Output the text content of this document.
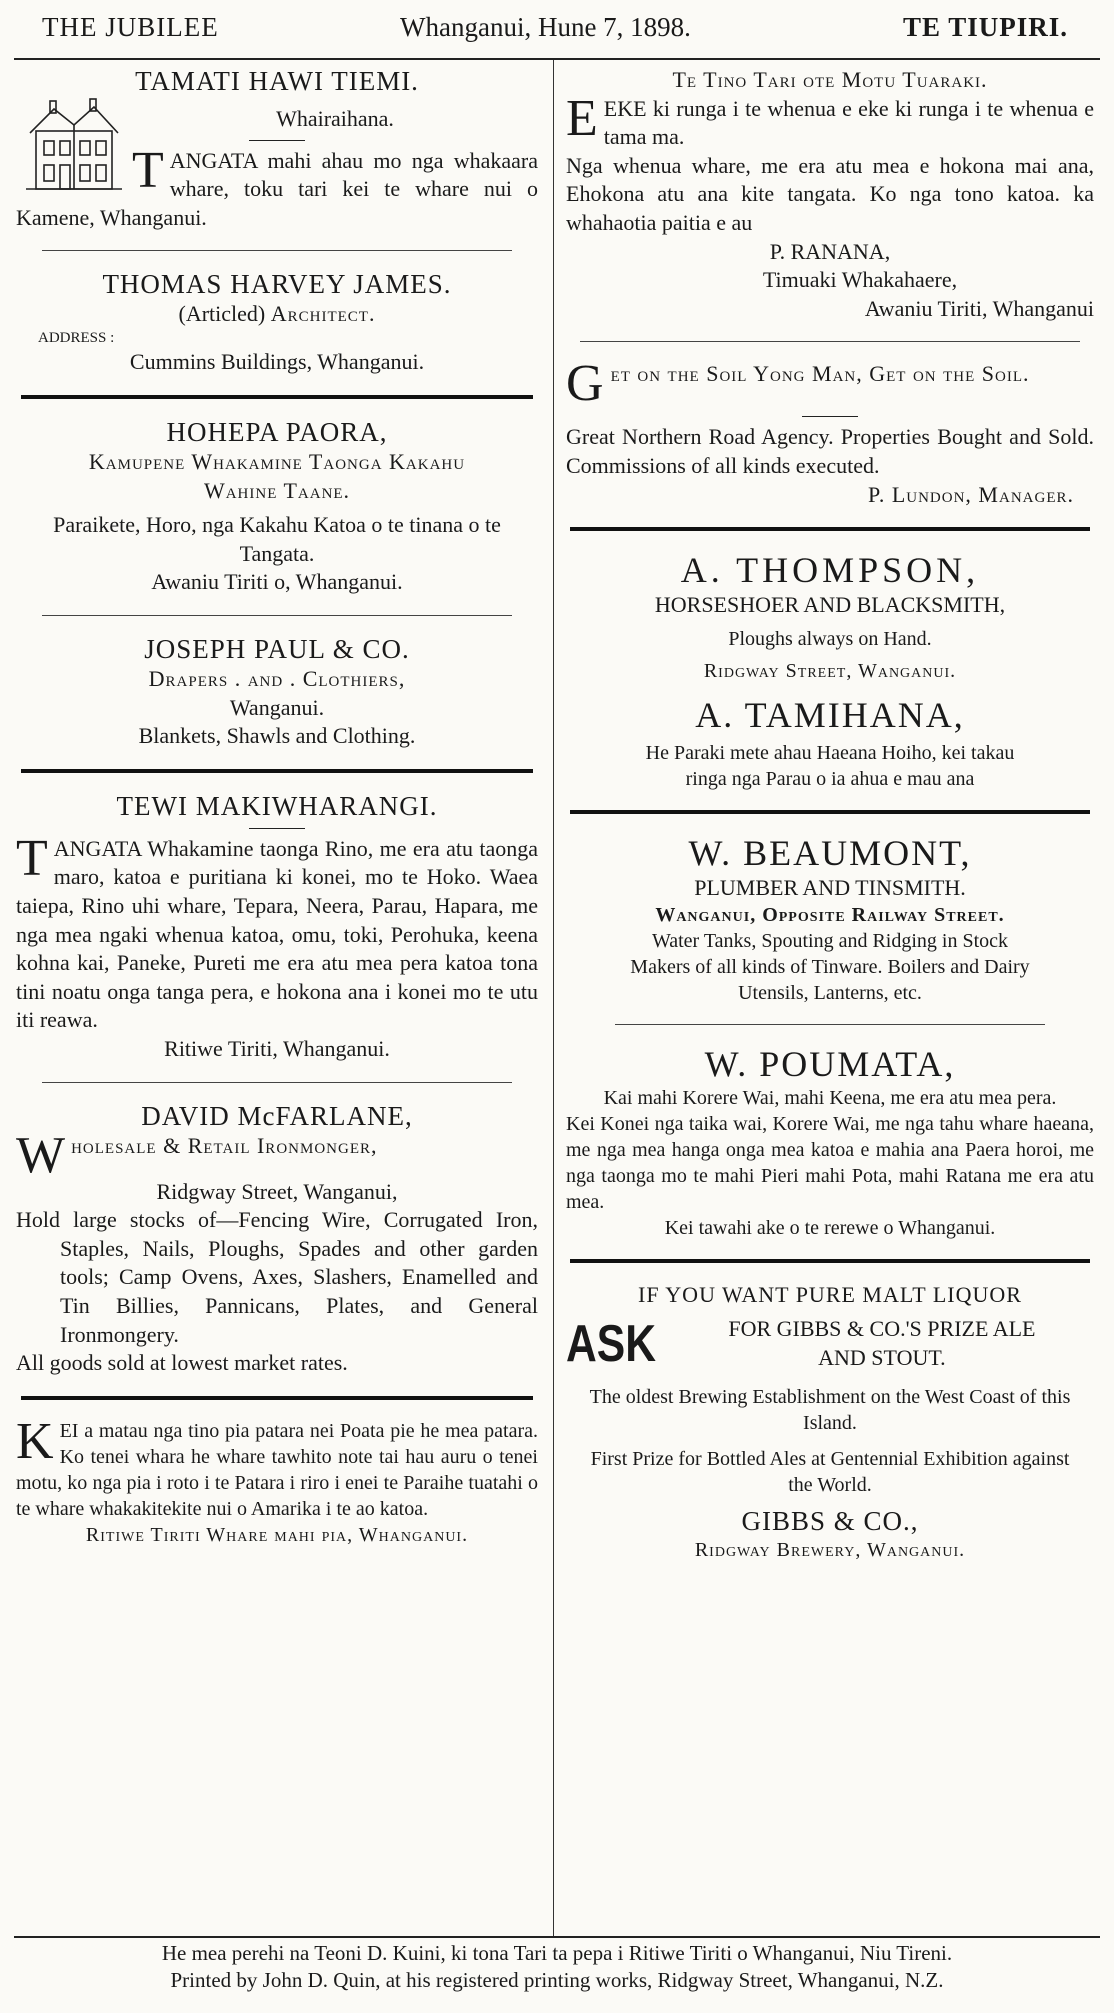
THE JUBILEE	Whanganui, Hune 7, 1898.	TE TIUPIRI.
TAMATI HAWI TIEMI.
Whairaihana.
T ANGATA mahi ahau mo nga whakaara whare, toku tari kei te whare nui o Kamene, Whanganui.
THOMAS HARVEY JAMES.
(Articled) Architect.
ADDRESS :
Cummins Buildings, Whanganui.
HOHEPA PAORA,
Kamupene Whakamine Taonga Kakahu
Wahine Taane.
Paraikete, Horo, nga Kakahu Katoa o te tinana o te Tangata.
Awaniu Tiriti o, Whanganui.
JOSEPH PAUL & CO.
Drapers . and . Clothiers,
Wanganui.
Blankets, Shawls and Clothing.
TEWI MAKIWHARANGI.
T ANGATA Whakamine taonga Rino, me era atu taonga maro, katoa e puritiana ki konei, mo te Hoko. Waea taiepa, Rino uhi whare, Tepara, Neera, Parau, Hapara, me nga mea ngaki whenua katoa, omu, toki, Perohuka, keena kohna kai, Paneke, Pureti me era atu mea pera katoa tona tini noatu onga tanga pera, e hokona ana i konei mo te utu iti reawa.
Ritiwe Tiriti, Whanganui.
DAVID McFARLANE,
W holesale & Retail Ironmonger,
Ridgway Street, Wanganui,
Hold large stocks of—Fencing Wire, Corrugated Iron, Staples, Nails, Ploughs, Spades and other garden tools; Camp Ovens, Axes, Slashers, Enamelled and Tin Billies, Pannicans, Plates, and General Ironmongery.
All goods sold at lowest market rates.
K EI a matau nga tino pia patara nei Poata pie he mea patara. Ko tenei whara he whare tawhito note tai hau auru o tenei motu, ko nga pia i roto i te Patara i riro i enei te Paraihe tuatahi o te whare whakakitekite nui o Amarika i te ao katoa.
Ritiwe Tiriti Whare mahi pia, Whanganui.
Te Tino Tari ote Motu Tuaraki.
E EKE ki runga i te whenua e eke ki runga i te whenua e tama ma.
Nga whenua whare, me era atu mea e hokona mai ana, Ehokona atu ana kite tangata. Ko nga tono katoa. ka whahaotia paitia e au
P. RANANA,
Timuaki Whakahaere,
Awaniu Tiriti, Whanganui
G et on the Soil Yong Man, Get on the Soil.
Great Northern Road Agency. Properties Bought and Sold. Commissions of all kinds executed.
P. Lundon, Manager.
A. THOMPSON,
HORSESHOER AND BLACKSMITH,
Ploughs always on Hand.
Ridgway Street, Wanganui.
A. TAMIHANA,
He Paraki mete ahau Haeana Hoiho, kei takau ringa nga Parau o ia ahua e mau ana
W. BEAUMONT,
PLUMBER AND TINSMITH.
Wanganui, Opposite Railway Street.
Water Tanks, Spouting and Ridging in Stock
Makers of all kinds of Tinware. Boilers and Dairy
Utensils, Lanterns, etc.
W. POUMATA,
Kai mahi Korere Wai, mahi Keena, me era atu mea pera.
Kei Konei nga taika wai, Korere Wai, me nga tahu whare haeana, me nga mea hanga onga mea katoa e mahia ana Paera horoi, me nga taonga mo te mahi Pieri mahi Pota, mahi Ratana me era atu mea.
Kei tawahi ake o te rerewe o Whanganui.
IF YOU WANT PURE MALT LIQUOR
ASK	FOR GIBBS & CO.'S PRIZE ALE
AND STOUT.
The oldest Brewing Establishment on the West Coast of this Island.
First Prize for Bottled Ales at Gentennial Exhibition against the World.
GIBBS & CO.,
Ridgway Brewery, Wanganui.
He mea perehi na Teoni D. Kuini, ki tona Tari ta pepa i Ritiwe Tiriti o Whanganui, Niu Tireni.
Printed by John D. Quin, at his registered printing works, Ridgway Street, Whanganui, N.Z.
